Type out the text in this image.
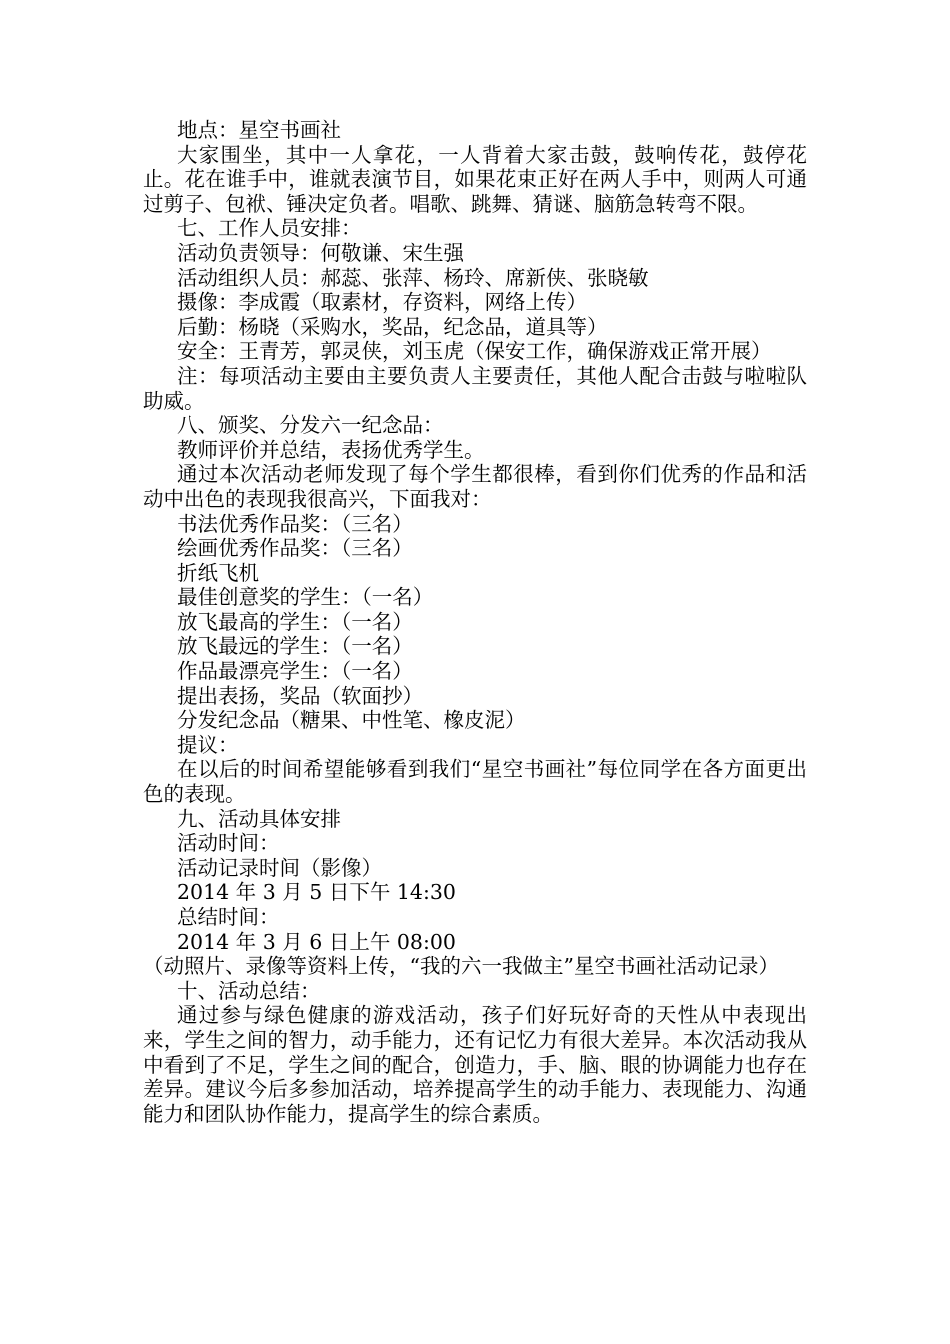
地点：星空书画社

大家围坐，其中一人拿花，一人背着大家击鼓，鼓响传花，鼓停花止。花在谁手中，谁就表演节目，如果花束正好在两人手中，则两人可通过剪子、包袱、锤决定负者。唱歌、跳舞、猜谜、脑筋急转弯不限。

七、工作人员安排：

活动负责领导：何敬谦、宋生强

活动组织人员：郝蕊、张萍、杨玲、席新侠、张晓敏

摄像：李成霞（取素材，存资料，网络上传）

后勤：杨晓（采购水，奖品，纪念品，道具等）

安全：王青芳，郭灵侠，刘玉虎（保安工作，确保游戏正常开展）

注：每项活动主要由主要负责人主要责任，其他人配合击鼓与啦啦队助威。

八、颁奖、分发六一纪念品：

教师评价并总结，表扬优秀学生。

通过本次活动老师发现了每个学生都很棒，看到你们优秀的作品和活动中出色的表现我很高兴，下面我对：

书法优秀作品奖：（三名）

绘画优秀作品奖：（三名）

折纸飞机

最佳创意奖的学生：（一名）

放飞最高的学生：（一名）

放飞最远的学生：（一名）

作品最漂亮学生：（一名）

提出表扬，奖品（软面抄）

分发纪念品（糖果、中性笔、橡皮泥）

提议：

在以后的时间希望能够看到我们“星空书画社”每位同学在各方面更出色的表现。

九、活动具体安排

活动时间：

活动记录时间（影像）

2014 年 3 月 5 日下午 14:30

总结时间：

2014 年 3 月 6 日上午 08:00

（动照片、录像等资料上传，“我的六一我做主”星空书画社活动记录）

十、活动总结：

通过参与绿色健康的游戏活动，孩子们好玩好奇的天性从中表现出来，学生之间的智力，动手能力，还有记忆力有很大差异。本次活动我从中看到了不足，学生之间的配合，创造力，手、脑、眼的协调能力也存在差异。建议今后多参加活动，培养提高学生的动手能力、表现能力、沟通能力和团队协作能力，提高学生的综合素质。
